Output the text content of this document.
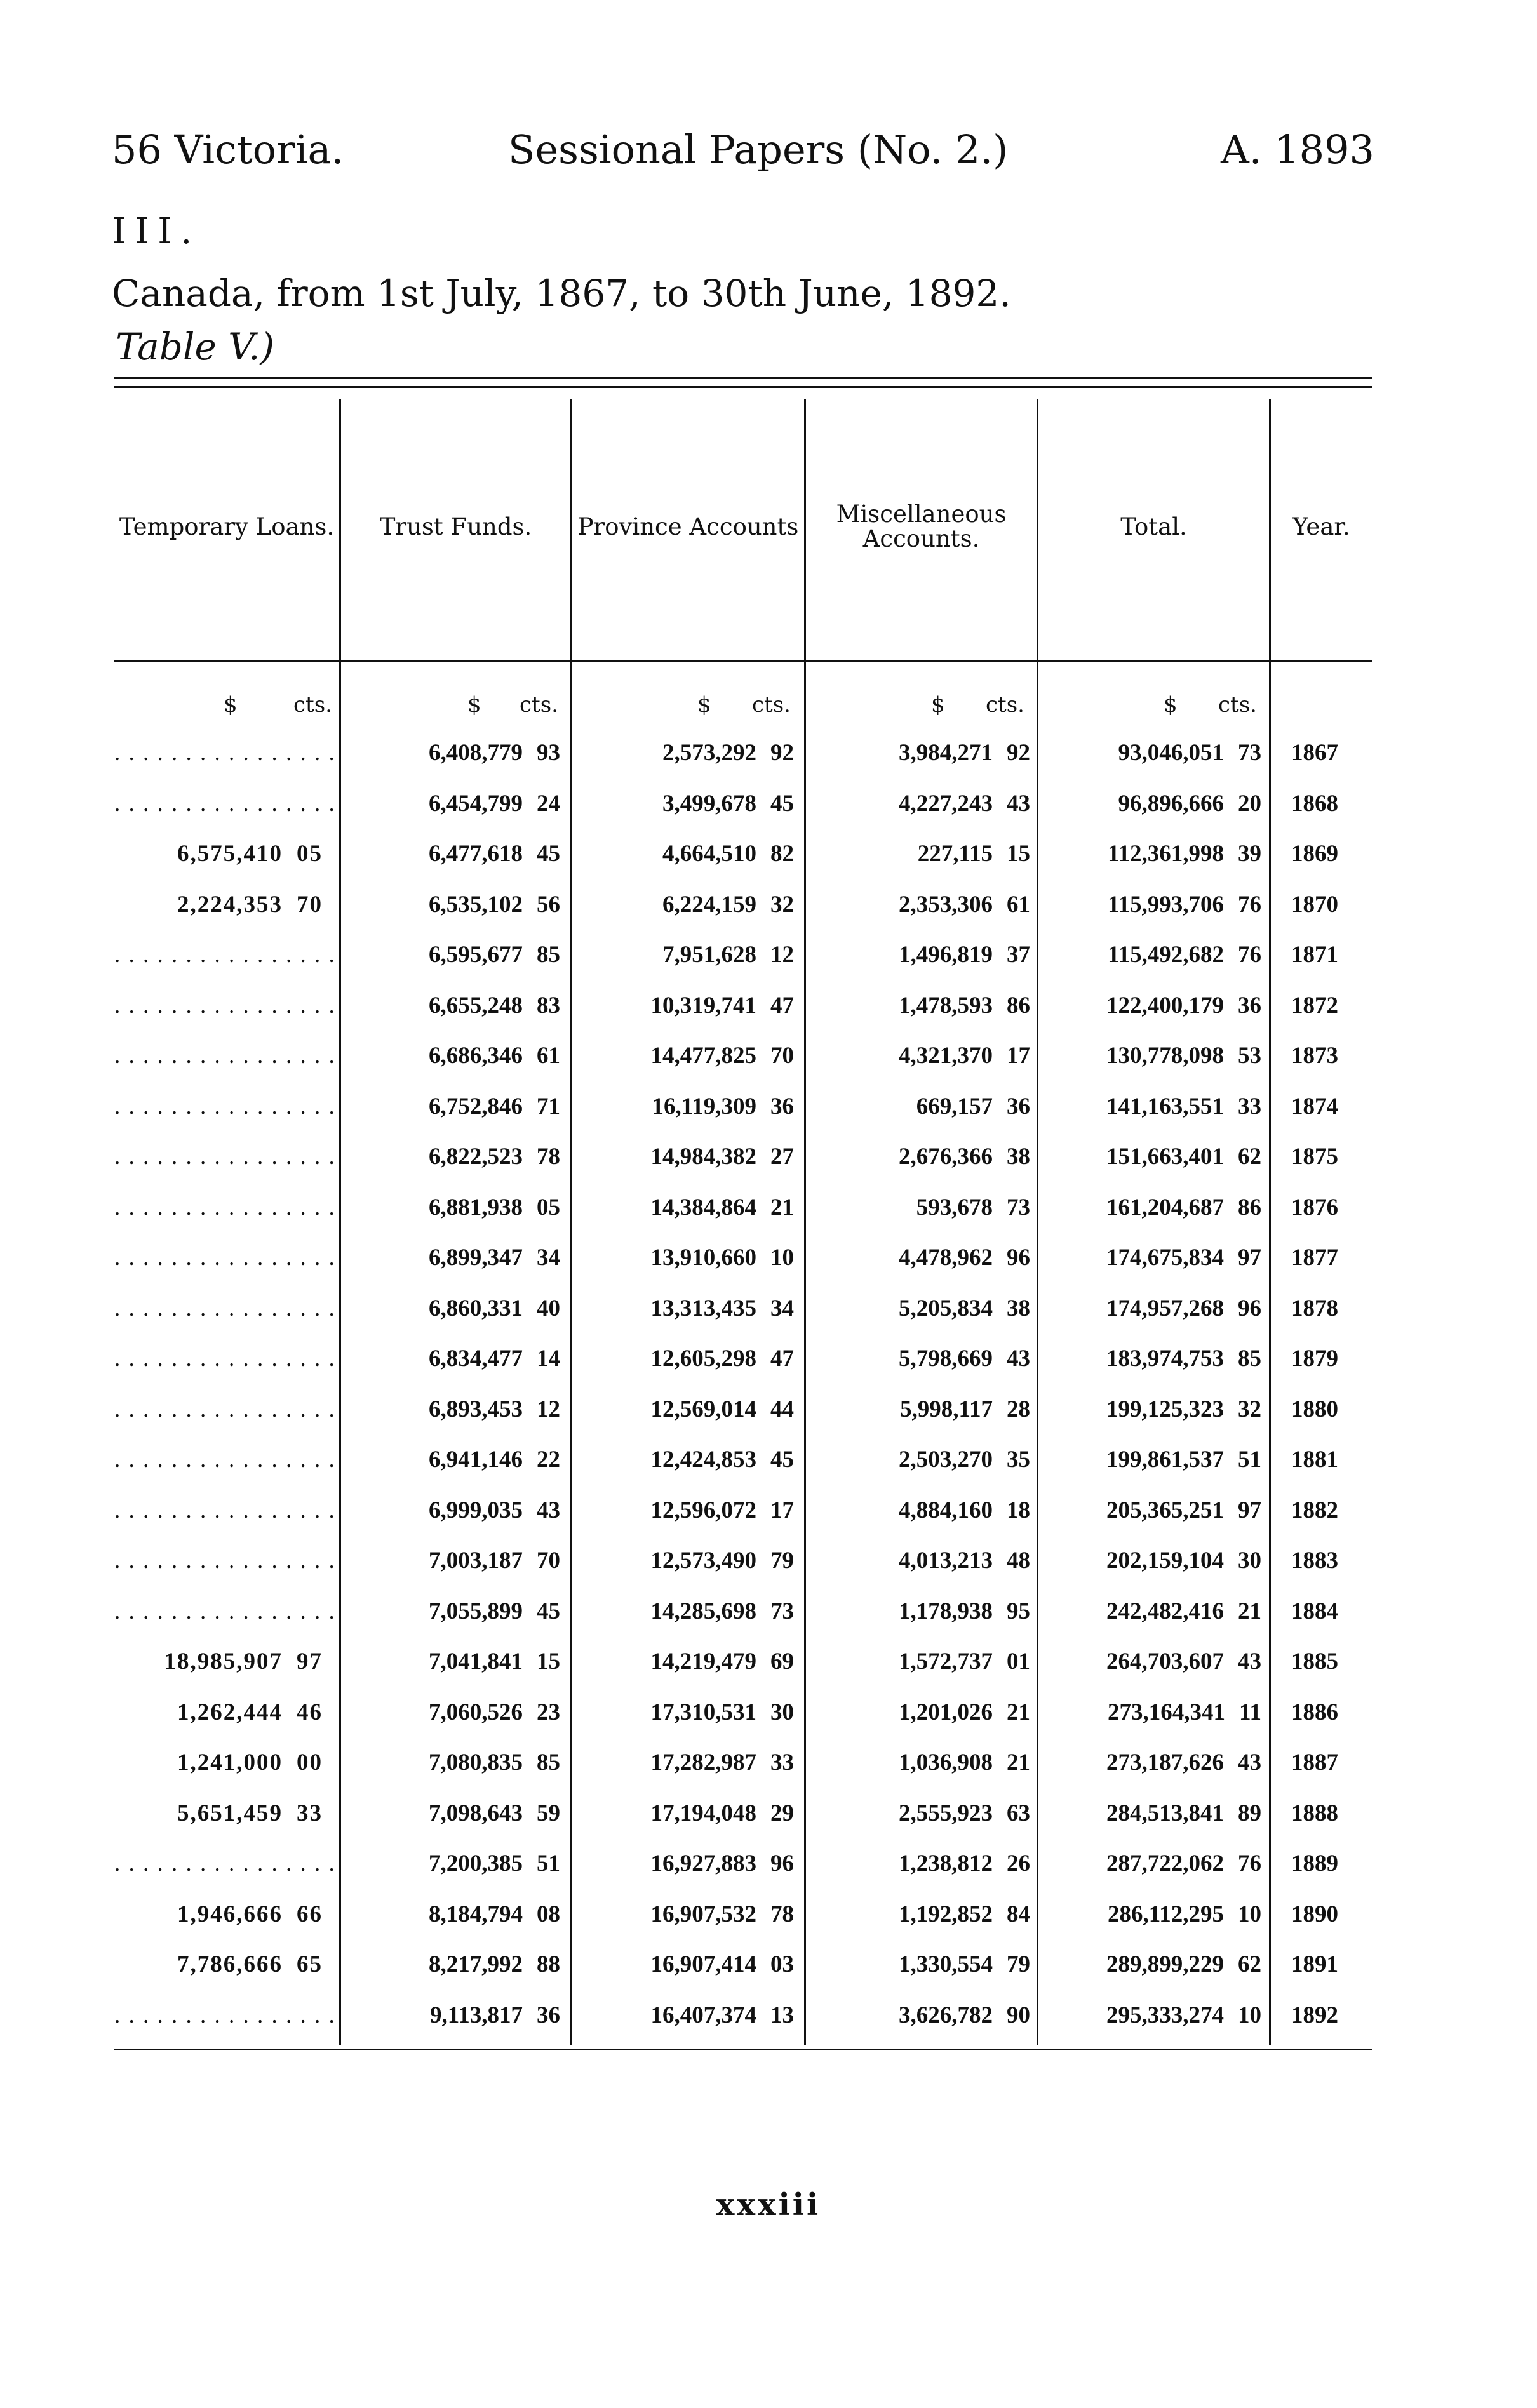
56 Victoria.	Sessional Papers (No. 2.)	A. 1893
III.
Canada, from 1st July, 1867, to 30th June, 1892.
Table V.)
Temporary Loans.	Trust Funds.	Province Accounts	Miscellaneous Accounts.	Total.	Year.
$	cts.	$ cts.	$ cts.	$ cts.	$ cts.
. . . . . . . . . . . . . . . .	6,408,779 93	2,573,292 92	3,984,271 92	93,046,051 73	1867
. . . . . . . . . . . . . . . .	6,454,799 24	3,499,678 45	4,227,243 43	96,896,666 20	1868
6,575,410 05	6,477,618 45	4,664,510 82	227,115 15	112,361,998 39	1869
2,224,353 70	6,535,102 56	6,224,159 32	2,353,306 61	115,993,706 76	1870
. . . . . . . . . . . . . . . .	6,595,677 85	7,951,628 12	1,496,819 37	115,492,682 76	1871
. . . . . . . . . . . . . . . .	6,655,248 83	10,319,741 47	1,478,593 86	122,400,179 36	1872
. . . . . . . . . . . . . . . .	6,686,346 61	14,477,825 70	4,321,370 17	130,778,098 53	1873
. . . . . . . . . . . . . . . .	6,752,846 71	16,119,309 36	669,157 36	141,163,551 33	1874
. . . . . . . . . . . . . . . .	6,822,523 78	14,984,382 27	2,676,366 38	151,663,401 62	1875
. . . . . . . . . . . . . . . .	6,881,938 05	14,384,864 21	593,678 73	161,204,687 86	1876
. . . . . . . . . . . . . . . .	6,899,347 34	13,910,660 10	4,478,962 96	174,675,834 97	1877
. . . . . . . . . . . . . . . .	6,860,331 40	13,313,435 34	5,205,834 38	174,957,268 96	1878
. . . . . . . . . . . . . . . .	6,834,477 14	12,605,298 47	5,798,669 43	183,974,753 85	1879
. . . . . . . . . . . . . . . .	6,893,453 12	12,569,014 44	5,998,117 28	199,125,323 32	1880
. . . . . . . . . . . . . . . .	6,941,146 22	12,424,853 45	2,503,270 35	199,861,537 51	1881
. . . . . . . . . . . . . . . .	6,999,035 43	12,596,072 17	4,884,160 18	205,365,251 97	1882
. . . . . . . . . . . . . . . .	7,003,187 70	12,573,490 79	4,013,213 48	202,159,104 30	1883
. . . . . . . . . . . . . . . .	7,055,899 45	14,285,698 73	1,178,938 95	242,482,416 21	1884
18,985,907 97	7,041,841 15	14,219,479 69	1,572,737 01	264,703,607 43	1885
1,262,444 46	7,060,526 23	17,310,531 30	1,201,026 21	273,164,341 11	1886
1,241,000 00	7,080,835 85	17,282,987 33	1,036,908 21	273,187,626 43	1887
5,651,459 33	7,098,643 59	17,194,048 29	2,555,923 63	284,513,841 89	1888
. . . . . . . . . . . . . . . .	7,200,385 51	16,927,883 96	1,238,812 26	287,722,062 76	1889
1,946,666 66	8,184,794 08	16,907,532 78	1,192,852 84	286,112,295 10	1890
7,786,666 65	8,217,992 88	16,907,414 03	1,330,554 79	289,899,229 62	1891
. . . . . . . . . . . . . . . .	9,113,817 36	16,407,374 13	3,626,782 90	295,333,274 10	1892
xxxiii
